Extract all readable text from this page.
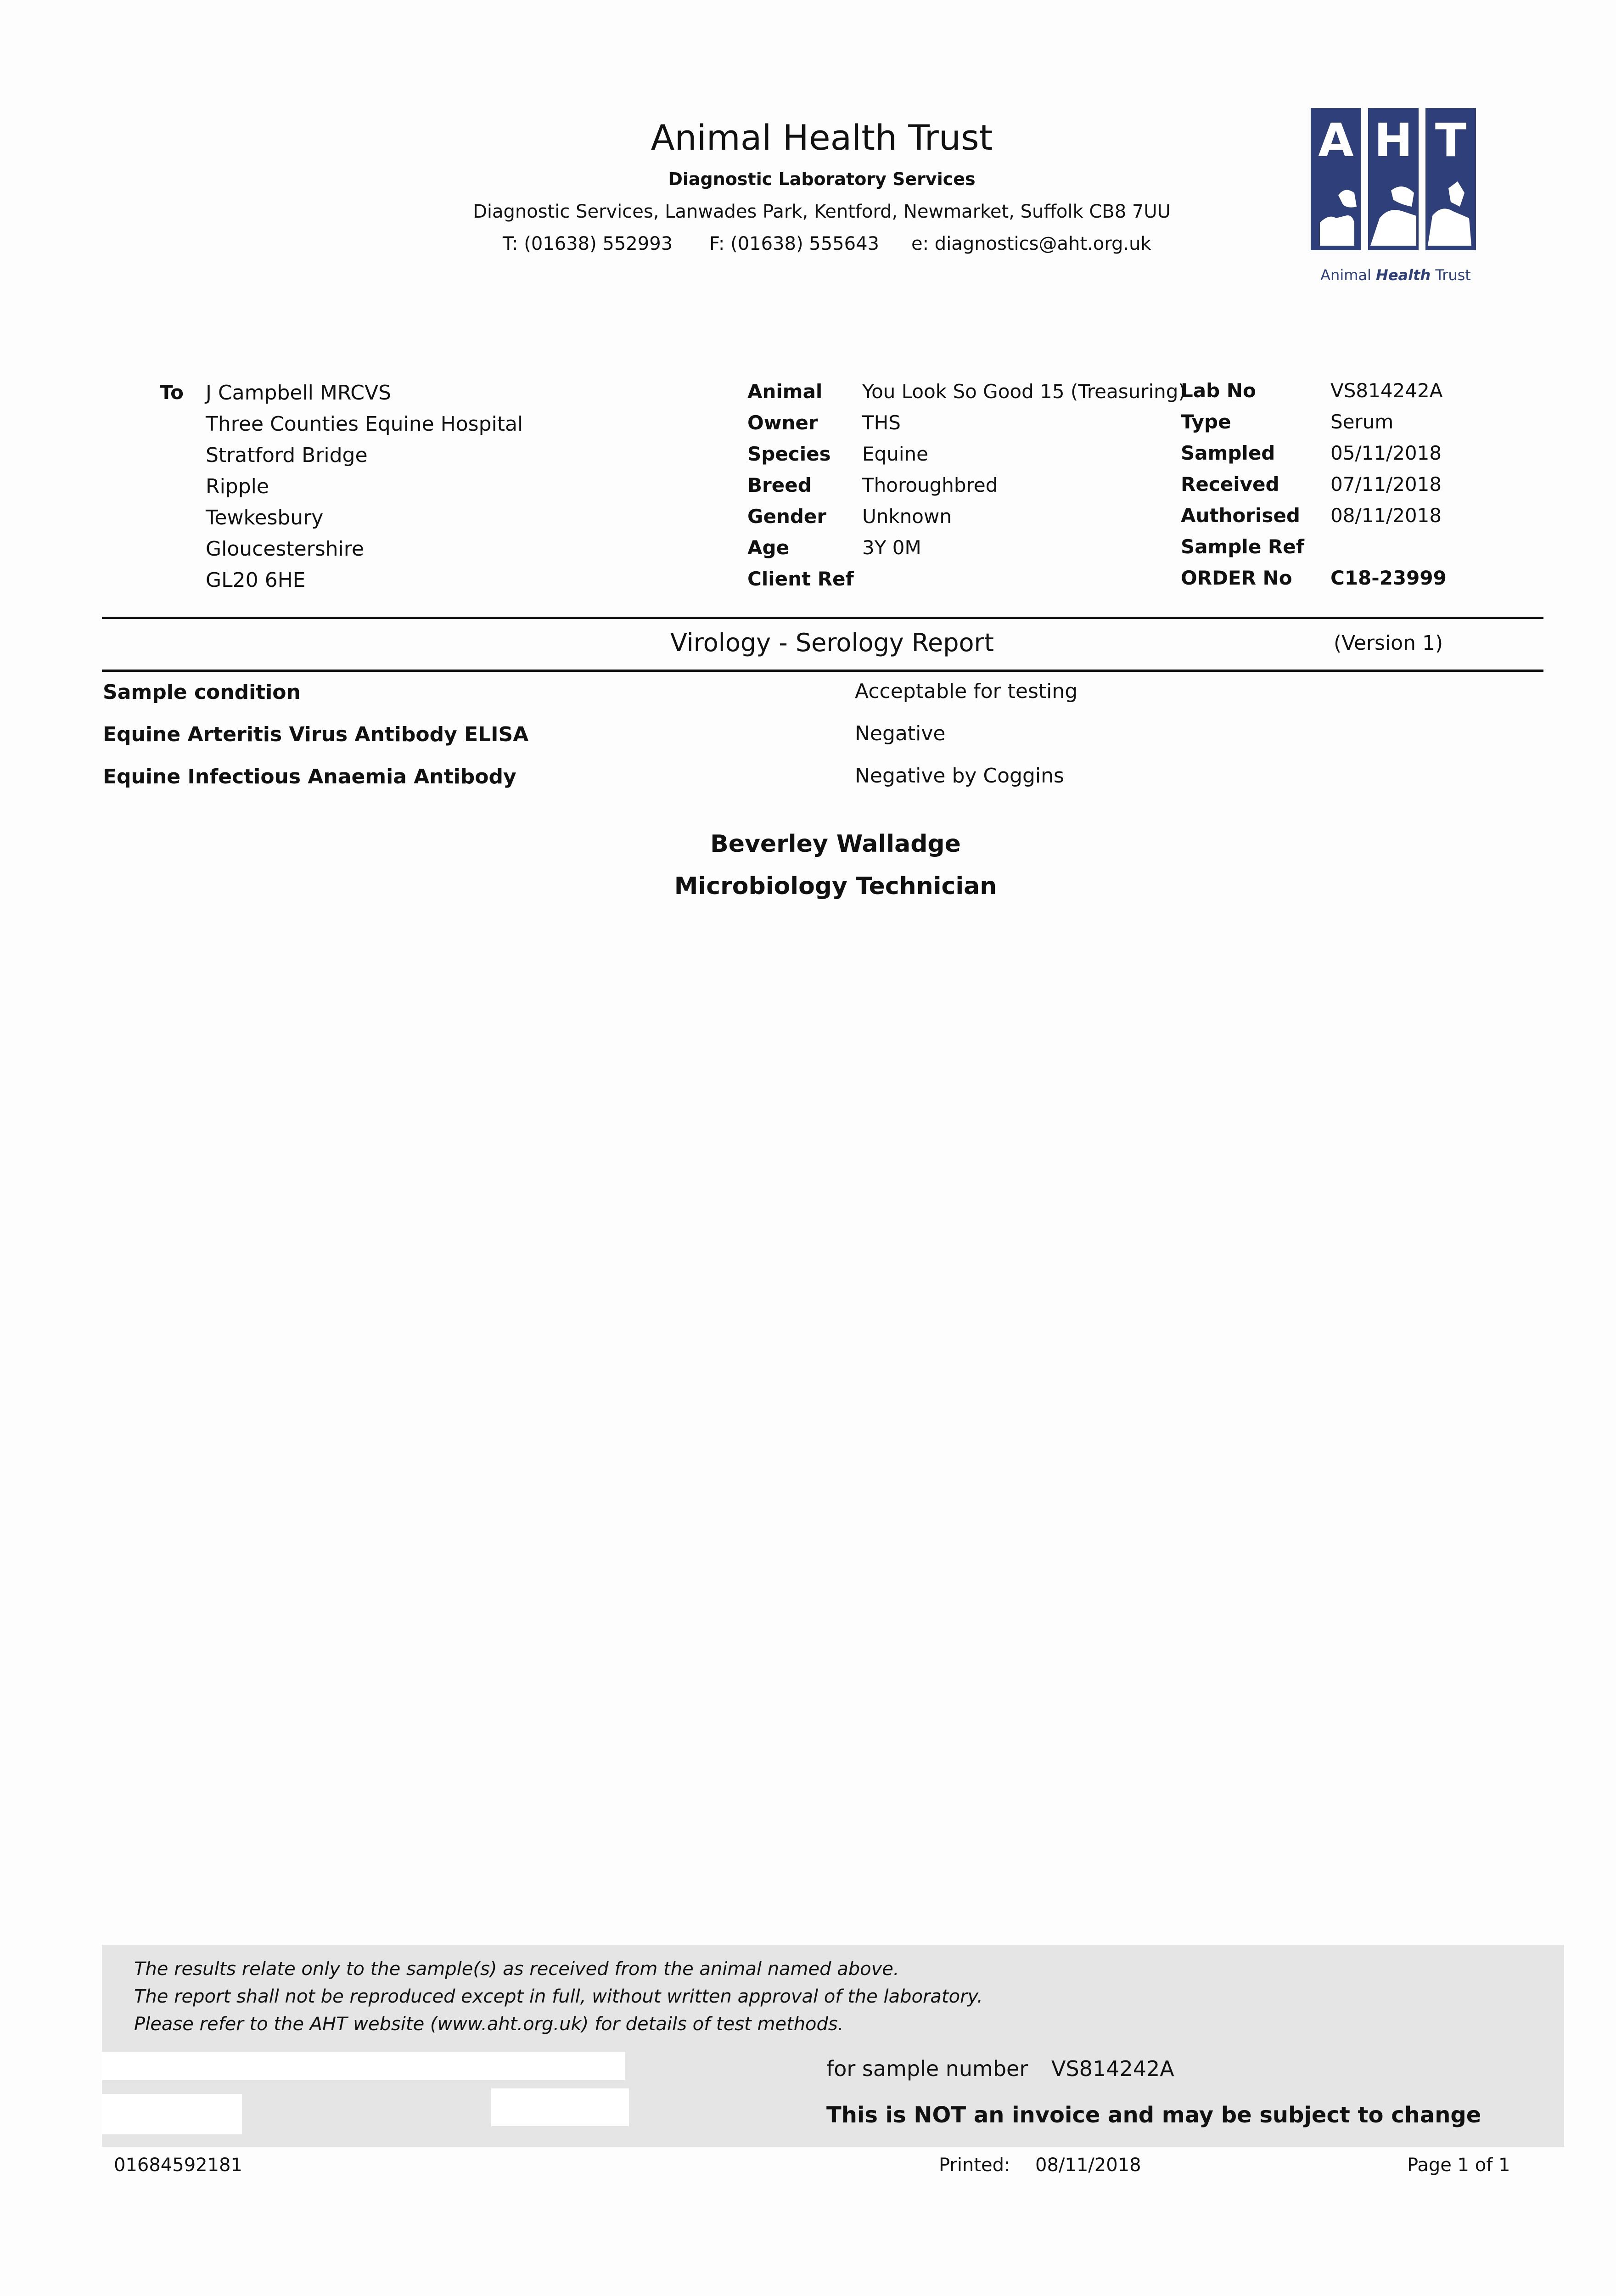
Animal Health Trust
Diagnostic Laboratory Services
Diagnostic Services, Lanwades Park, Kentford, Newmarket, Suffolk CB8 7UU
T: (01638) 552993 F: (01638) 555643 e: diagnostics@aht.org.uk
A H T
Animal Health Trust
To J Campbell MRCVS
Three Counties Equine Hospital
Stratford Bridge
Ripple
Tewkesbury
Gloucestershire
GL20 6HE
Animal You Look So Good 15 (Treasuring)
Owner THS
Species Equine
Breed	Thoroughbred
Gender Unknown
Age	3Y 0M
Client Ref
Lab No	VS814242A
Type	Serum
Sampled	05/11/2018
Received	07/11/2018
Authorised 08/11/2018
Sample Ref
ORDER No C18-23999
Virology - Serology Report	(Version 1)
Sample condition	Acceptable for testing
Equine Arteritis Virus Antibody ELISA	Negative
Equine Infectious Anaemia Antibody	Negative by Coggins
Beverley Walladge
Microbiology Technician
The results relate only to the sample(s) as received from the animal named above.
The report shall not be reproduced except in full, without written approval of the laboratory.
Please refer to the AHT website (www.aht.org.uk) for details of test methods.
for sample number VS814242A
This is NOT an invoice and may be subject to change
01684592181	Printed: 08/11/2018	Page 1 of 1
